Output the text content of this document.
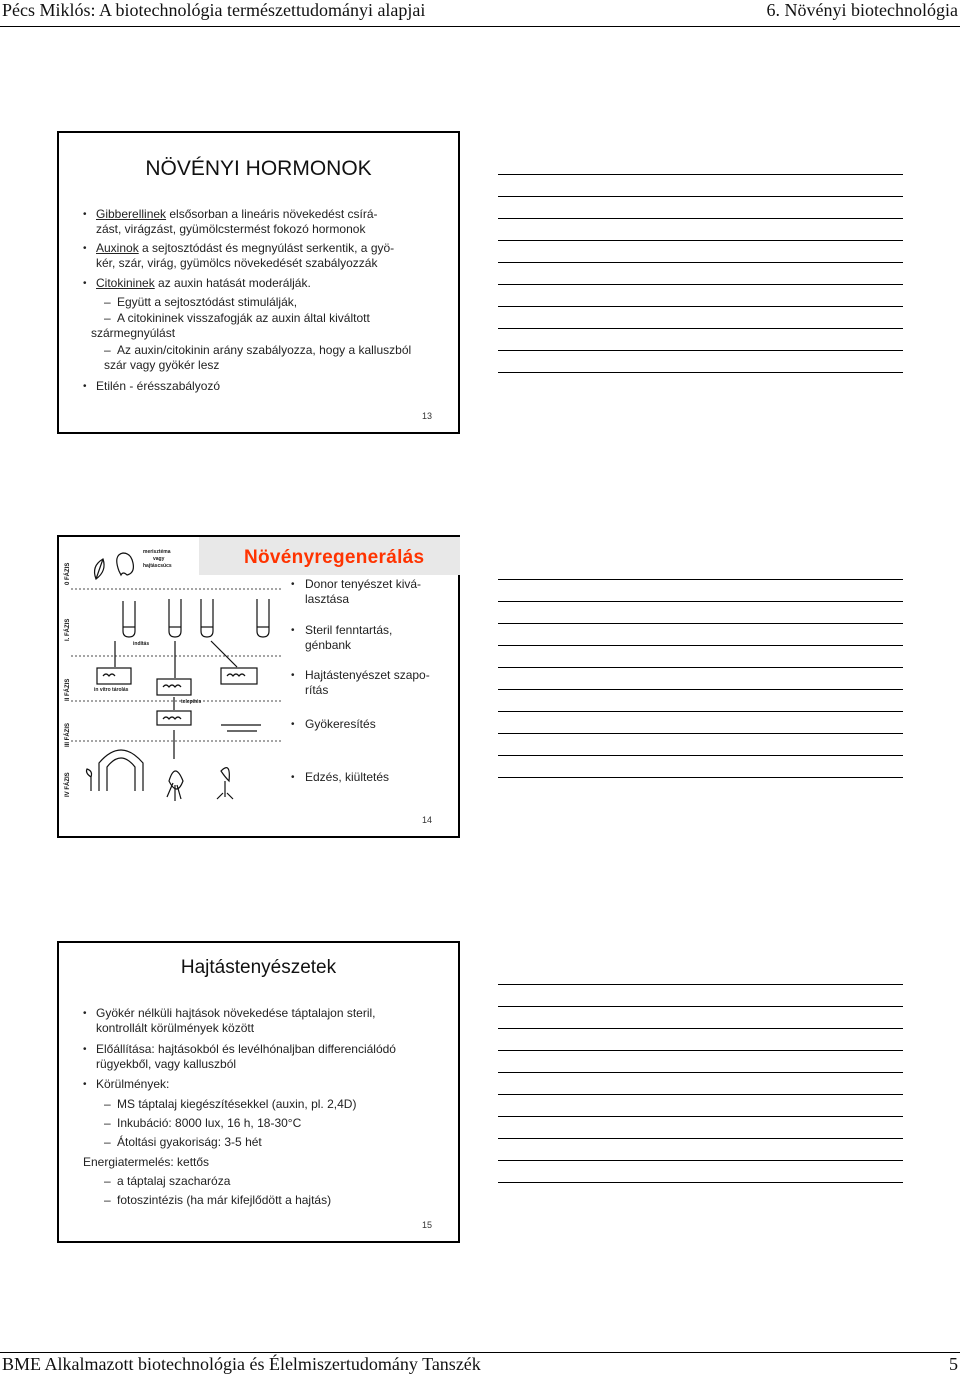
Pécs Miklós: A biotechnológia természettudományi alapjai	6. Növényi biotechnológia
NÖVÉNYI HORMONOK
• Gibberellinek elsősorban a lineáris növekedést csírá-
zást, virágzást, gyümölcstermést fokozó hormonok
• Auxinok a sejtosztódást és megnyúlást serkentik, a gyö-
kér, szár, virág, gyümölcs növekedését szabályozzák
• Citokininek az auxin hatását moderálják.
– Együtt a sejtosztódást stimulálják,
– A citokininek visszafogják az auxin által kiváltott
szármegnyúlást
– Az auxin/citokinin arány szabályozza, hogy a kalluszból
szár vagy gyökér lesz
• Etilén - érésszabályozó
13
Növényregenerálás
0 FÁZIS
I. FÁZIS
II FÁZIS
III FÁZIS
IV FÁZIS
merisztéma
vagy
hajtáscsúcs
indítás
in vitro tárolás
telepítés
• Donor tenyészet kivá-
lasztása
• Steril fenntartás,
génbank
• Hajtástenyészet szapo-
rítás
• Gyökeresítés
• Edzés, kiültetés
14
Hajtástenyészetek
• Gyökér nélküli hajtások növekedése táptalajon steril,
kontrollált körülmények között
• Előállítása: hajtásokból és levélhónaljban differenciálódó
rügyekből, vagy kalluszból
• Körülmények:
– MS táptalaj kiegészítésekkel (auxin, pl. 2,4D)
– Inkubáció: 8000 lux, 16 h, 18-30°C
– Átoltási gyakoriság: 3-5 hét
Energiatermelés: kettős
– a táptalaj szacharóza
– fotoszintézis (ha már kifejlődött a hajtás)
15
BME Alkalmazott biotechnológia és Élelmiszertudomány Tanszék	5
